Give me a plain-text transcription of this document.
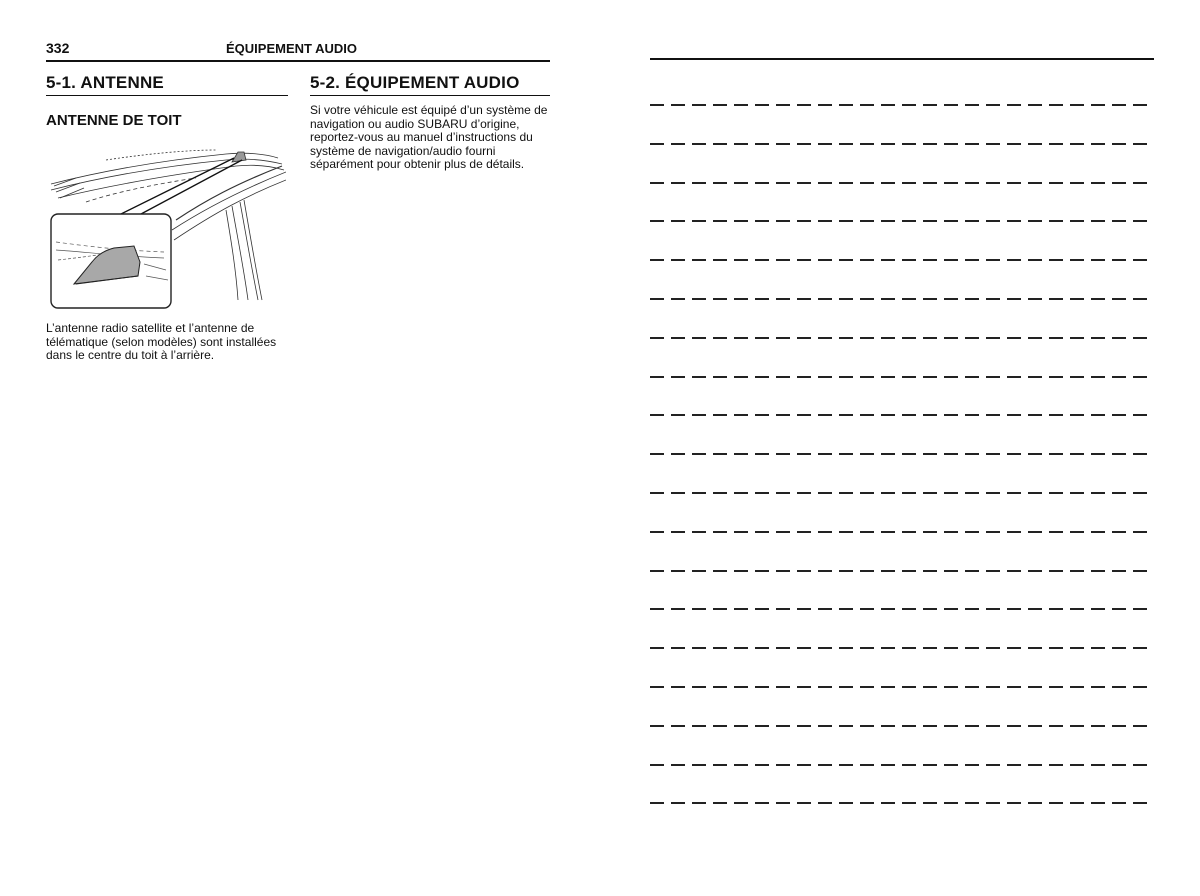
332	ÉQUIPEMENT AUDIO
5-1. ANTENNE
ANTENNE DE TOIT

L’antenne radio satellite et l’antenne de télématique (selon modèles) sont installées dans le centre du toit à l’arrière.

5-2. ÉQUIPEMENT AUDIO

Si votre véhicule est équipé d’un système de navigation ou audio SUBARU d’origine, reportez-vous au manuel d’instructions du système de navigation/audio fourni séparément pour obtenir plus de détails.
